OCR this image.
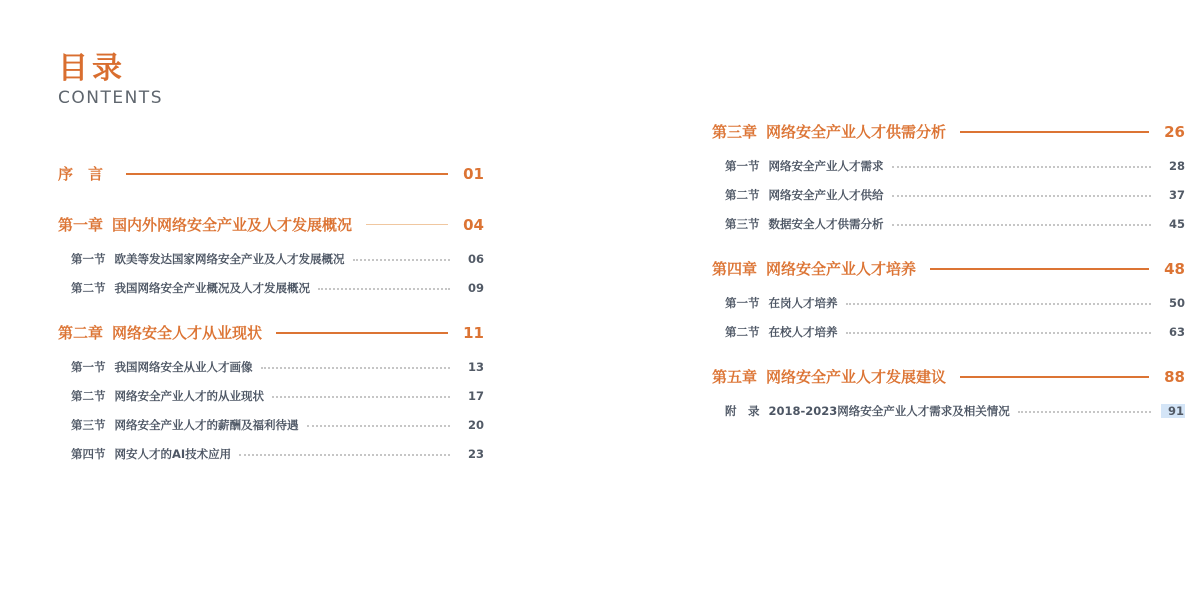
目录
CONTENTS
序　言	01
第一章 国内外网络安全产业及人才发展概况	04
第一节 欧美等发达国家网络安全产业及人才发展概况	06
第二节 我国网络安全产业概况及人才发展概况	09
第二章 网络安全人才从业现状	11
第一节 我国网络安全从业人才画像	13
第二节 网络安全产业人才的从业现状	17
第三节 网络安全产业人才的薪酬及福利待遇	20
第四节 网安人才的AI技术应用	23
第三章 网络安全产业人才供需分析	26
第一节 网络安全产业人才需求	28
第二节 网络安全产业人才供给	37
第三节 数据安全人才供需分析	45
第四章 网络安全产业人才培养	48
第一节 在岗人才培养	50
第二节 在校人才培养	63
第五章 网络安全产业人才发展建议	88
附　录 2018-2023网络安全产业人才需求及相关情况	91
